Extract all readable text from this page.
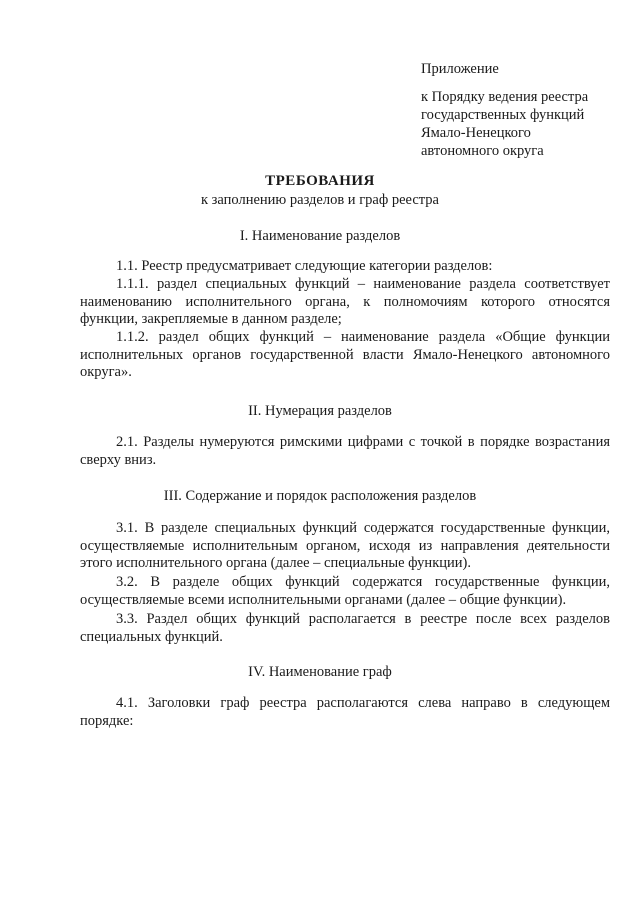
Приложение
к Порядку ведения реестра
государственных функций
Ямало-Ненецкого
автономного округа
ТРЕБОВАНИЯ
к заполнению разделов и граф реестра
I. Наименование разделов
1.1. Реестр предусматривает следующие категории разделов:
1.1.1. раздел специальных функций – наименование раздела соответствует наименованию исполнительного органа, к полномочиям которого относятся функции, закрепляемые в данном разделе;
1.1.2. раздел общих функций – наименование раздела «Общие функции исполнительных органов государственной власти Ямало-Ненецкого автономного округа».
II. Нумерация разделов
2.1. Разделы нумеруются римскими цифрами с точкой в порядке возрастания сверху вниз.
III. Содержание и порядок расположения разделов
3.1. В разделе специальных функций содержатся государственные функции, осуществляемые исполнительным органом, исходя из направления деятельности этого исполнительного органа (далее – специальные функции).
3.2. В разделе общих функций содержатся государственные функции, осуществляемые всеми исполнительными органами (далее – общие функции).
3.3. Раздел общих функций располагается в реестре после всех разделов специальных функций.
IV. Наименование граф
4.1. Заголовки граф реестра располагаются слева направо в следующем порядке:
